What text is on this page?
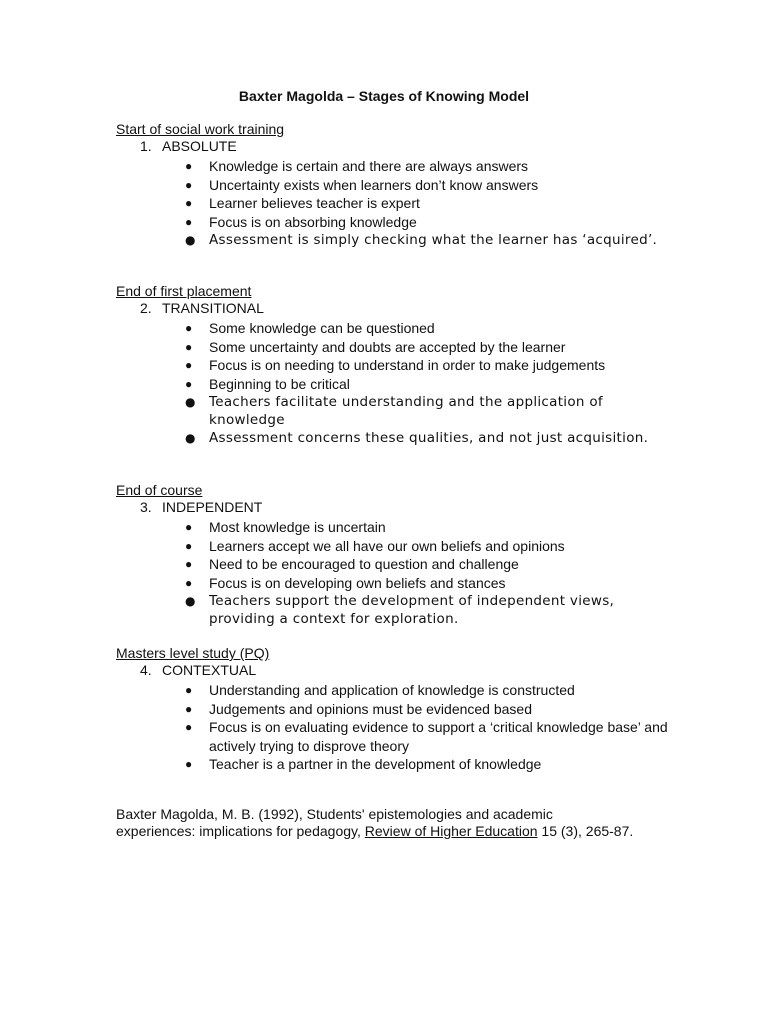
Baxter Magolda – Stages of Knowing Model
Start of social work training
1. ABSOLUTE
● Knowledge is certain and there are always answers
● Uncertainty exists when learners don’t know answers
● Learner believes teacher is expert
● Focus is on absorbing knowledge
● Assessment is simply checking what the learner has ‘acquired’.
End of first placement
2. TRANSITIONAL
● Some knowledge can be questioned
● Some uncertainty and doubts are accepted by the learner
● Focus is on needing to understand in order to make judgements
● Beginning to be critical
● Teachers facilitate understanding and the application of knowledge
● Assessment concerns these qualities, and not just acquisition.
End of course
3. INDEPENDENT
● Most knowledge is uncertain
● Learners accept we all have our own beliefs and opinions
● Need to be encouraged to question and challenge
● Focus is on developing own beliefs and stances
● Teachers support the development of independent views, providing a context for exploration.
Masters level study (PQ)
4. CONTEXTUAL
● Understanding and application of knowledge is constructed
● Judgements and opinions must be evidenced based
● Focus is on evaluating evidence to support a ‘critical knowledge base’ and actively trying to disprove theory
● Teacher is a partner in the development of knowledge
Baxter Magolda, M. B. (1992), Students' epistemologies and academic experiences: implications for pedagogy, Review of Higher Education 15 (3), 265-87.
